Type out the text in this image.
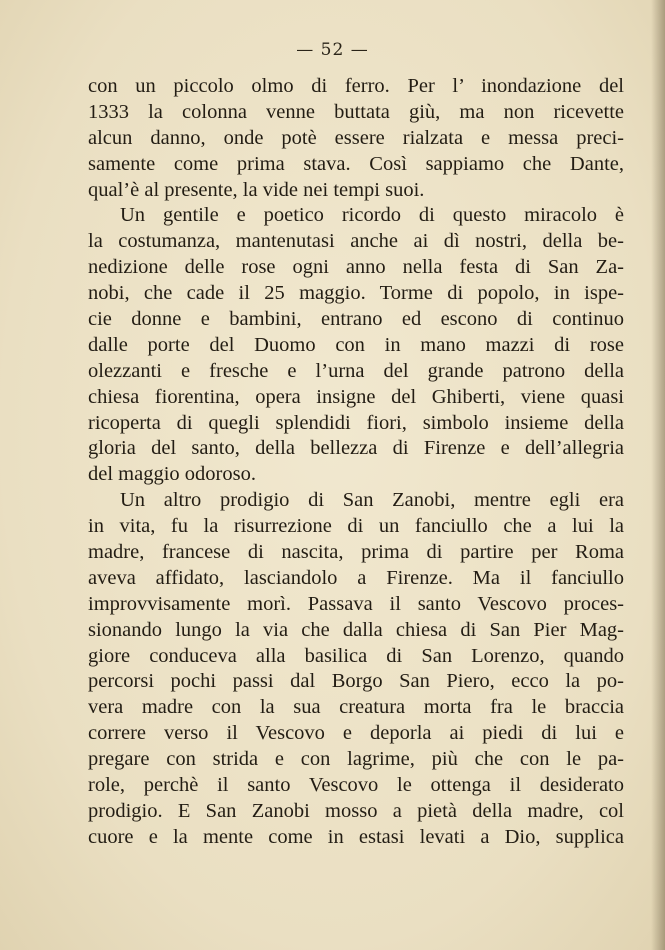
— 52 —
con un piccolo olmo di ferro. Per l’ inondazione del
1333 la colonna venne buttata giù, ma non ricevette
alcun danno, onde potè essere rialzata e messa preci-
samente come prima stava. Così sappiamo che Dante,
qual’è al presente, la vide nei tempi suoi.
Un gentile e poetico ricordo di questo miracolo è
la costumanza, mantenutasi anche ai dì nostri, della be-
nedizione delle rose ogni anno nella festa di San Za-
nobi, che cade il 25 maggio. Torme di popolo, in ispe-
cie donne e bambini, entrano ed escono di continuo
dalle porte del Duomo con in mano mazzi di rose
olezzanti e fresche e l’urna del grande patrono della
chiesa fiorentina, opera insigne del Ghiberti, viene quasi
ricoperta di quegli splendidi fiori, simbolo insieme della
gloria del santo, della bellezza di Firenze e dell’allegria
del maggio odoroso.
Un altro prodigio di San Zanobi, mentre egli era
in vita, fu la risurrezione di un fanciullo che a lui la
madre, francese di nascita, prima di partire per Roma
aveva affidato, lasciandolo a Firenze. Ma il fanciullo
improvvisamente morì. Passava il santo Vescovo proces-
sionando lungo la via che dalla chiesa di San Pier Mag-
giore conduceva alla basilica di San Lorenzo, quando
percorsi pochi passi dal Borgo San Piero, ecco la po-
vera madre con la sua creatura morta fra le braccia
correre verso il Vescovo e deporla ai piedi di lui e
pregare con strida e con lagrime, più che con le pa-
role, perchè il santo Vescovo le ottenga il desiderato
prodigio. E San Zanobi mosso a pietà della madre, col
cuore e la mente come in estasi levati a Dio, supplica
